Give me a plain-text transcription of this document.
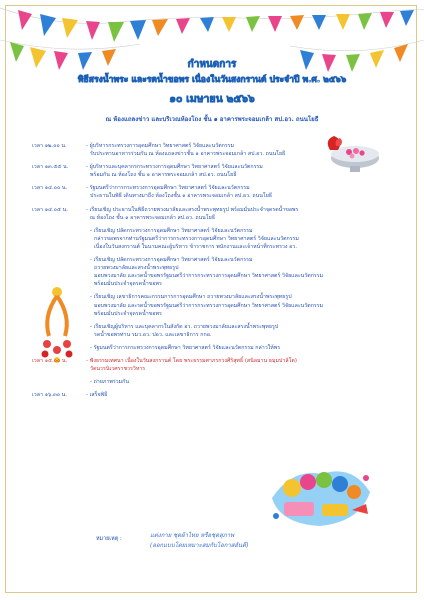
กำหนดการ
พิธีสรงน้ำพระ และรดน้ำขอพร เนื่องในวันสงกรานต์ ประจำปี พ.ศ. ๒๕๖๖
๑๐ เมษายน ๒๕๖๖
ณ ห้องแถลงข่าว และบริเวณห้องโถง ชั้น ๑ อาคารพระจอมเกล้า สป.อว. ถนนโยธี
เวลา ๑๒.๐๐ น.	- ผู้บริหารกระทรวงการอุดมศึกษา วิทยาศาสตร์ วิจัยและนวัตกรรม
รับประทานอาหารร่วมกัน ณ ห้องแถลงข่าวชั้น ๑ อาคารพระจอมเกล้า สป.อว. ถนนโยธี
เวลา ๑๓.๕๕ น.	- ผู้บริหารและบุคลากรกระทรวงการอุดมศึกษา วิทยาศาสตร์ วิจัยและนวัตกรรม
พร้อมกัน ณ ห้องโถง ชั้น ๑ อาคารพระจอมเกล้า สป.อว. ถนนโยธี
เวลา ๑๔.๐๐ น.	- รัฐมนตรีว่าการกระทรวงการอุดมศึกษา วิทยาศาสตร์ วิจัยและนวัตกรรม
ประธานในพิธี เดินทางมาถึง ห้องโถงชั้น ๑ อาคารพระจอมเกล้า สป.อว. ถนนโยธี
เวลา ๑๔.๐๕ น.	- เรียนเชิญ ประธานในพิธีถวายพวงมาลัยและสรงน้ำพระพุทธรูป พร้อมมั่นประจำจุดรดน้ำขอพร
ณ ห้องโถง ชั้น ๑ อาคารพระจอมเกล้า สป.อว. ถนนโยธี
- เรียนเชิญ ปลัดกระทรวงการอุดมศึกษา วิทยาศาสตร์ วิจัยและนวัตกรรม
กล่าวขอพรจากท่านรัฐมนตรีว่าการกระทรวงการอุดมศึกษา วิทยาศาสตร์ วิจัยและนวัตกรรม
เนื่องในวันสงกรานต์ ในนามคณะผู้บริหาร ข้าราชการ พนักงานและเจ้าหน้าที่กระทรวง อว.
- เรียนเชิญ ปลัดกระทรวงการอุดมศึกษา วิทยาศาสตร์ วิจัยและนวัตกรรม
ถวายพวงมาลัยและสรงน้ำพระพุทธรูป
มอบพวงมาลัย และรดน้ำขอพรรัฐมนตรีว่าการกระทรวงการอุดมศึกษา วิทยาศาสตร์ วิจัยและนวัตกรรม
พร้อมมั่นประจำจุดรดน้ำขอพร
- เรียนเชิญ เลขาธิการคณะกรรมการการอุดมศึกษา ถวายพวงมาลัยและสรงน้ำพระพุทธรูป
มอบพวงมาลัย และรดน้ำขอพรรัฐมนตรีว่าการกระทรวงการอุดมศึกษา วิทยาศาสตร์ วิจัยและนวัตกรรม
พร้อมมั่นประจำจุดรดน้ำขอพร
- เรียนเชิญผู้บริหาร และบุคลากรในสังกัด อว. ถวายพวงมาลัยและสรงน้ำพระพุทธรูป
รดน้ำขอพรท่าน รมว.อว. ปอว. และเลขาธิการ กกอ.
- รัฐมนตรีว่าการกระทรวงการอุดมศึกษา วิทยาศาสตร์ วิจัยและนวัตกรรม กล่าวให้พร
เวลา ๑๕.๐๐ น.	- ฟังธรรมเทศนา เนื่องในวันสงกรานต์ โดย พระธรรมศาภรกวงศีริสุทธิ์ (สนิลมาน ธมฺมปาลิโต)
วัดนวรนิเวศราชวรวิหาร
- ถ่ายภาพร่วมกัน
เวลา ๑๖.๓๐ น.	- เสร็จพิธี
หมายเหตุ :	แต่งกาย ชุดผ้าไทย หรือชุดสุภาพ
(ออกแบบโดยเหมาะสมกับโอกาสอันดี)
